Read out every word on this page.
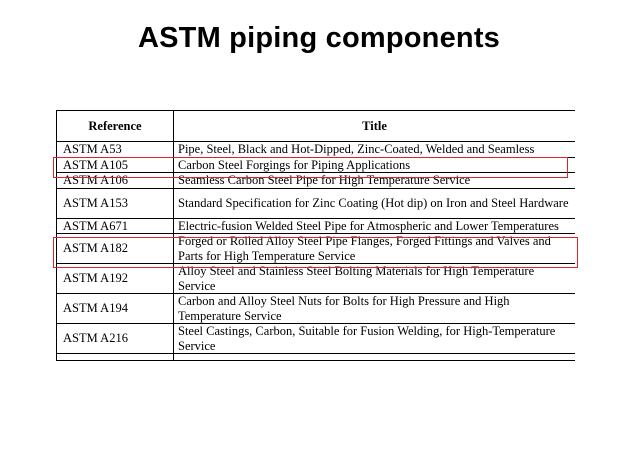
ASTM piping components
Reference	Title
ASTM A53	Pipe, Steel, Black and Hot-Dipped, Zinc-Coated, Welded and Seamless
ASTM A105	Carbon Steel Forgings for Piping Applications
ASTM A106	Seamless Carbon Steel Pipe for High Temperature Service
ASTM A153	Standard Specification for Zinc Coating (Hot dip) on Iron and Steel Hardware
ASTM A671	Electric-fusion Welded Steel Pipe for Atmospheric and Lower Temperatures
ASTM A182	Forged or Rolled Alloy Steel Pipe Flanges, Forged Fittings and Valves and Parts for High Temperature Service
ASTM A192	Alloy Steel and Stainless Steel Bolting Materials for High Temperature Service
ASTM A194	Carbon and Alloy Steel Nuts for Bolts for High Pressure and High Temperature Service
ASTM A216	Steel Castings, Carbon, Suitable for Fusion Welding, for High-Temperature Service
